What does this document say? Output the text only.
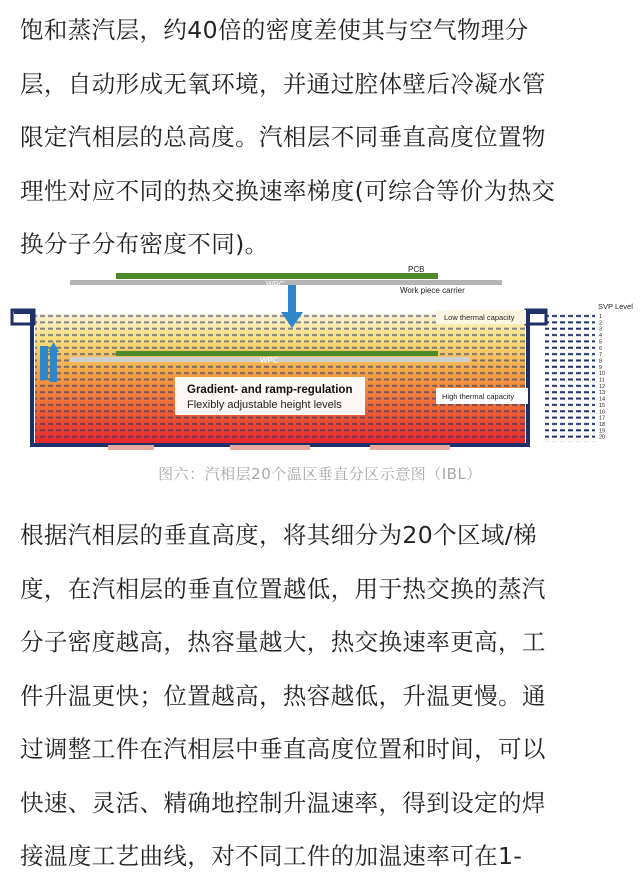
饱和蒸汽层，约40倍的密度差使其与空气物理分
层，自动形成无氧环境，并通过腔体壁后冷凝水管
限定汽相层的总高度。汽相层不同垂直高度位置物
理性对应不同的热交换速率梯度(可综合等价为热交
换分子分布密度不同)。
PCB
WPC
Work piece carrier
WPC
Low thermal capacity
High thermal capacity
Gradient- and ramp-regulation
Flexibly adjustable height levels
SVP Level
1
2
3
4
5
6
7
8
9
10
11
12
13
14
15
16
17
18
19
20
图六：汽相层20个温区垂直分区示意图（IBL）
根据汽相层的垂直高度，将其细分为20个区域/梯
度，在汽相层的垂直位置越低，用于热交换的蒸汽
分子密度越高，热容量越大，热交换速率更高，工
件升温更快；位置越高，热容越低，升温更慢。通
过调整工件在汽相层中垂直高度位置和时间，可以
快速、灵活、精确地控制升温速率，得到设定的焊
接温度工艺曲线，对不同工件的加温速率可在1-
